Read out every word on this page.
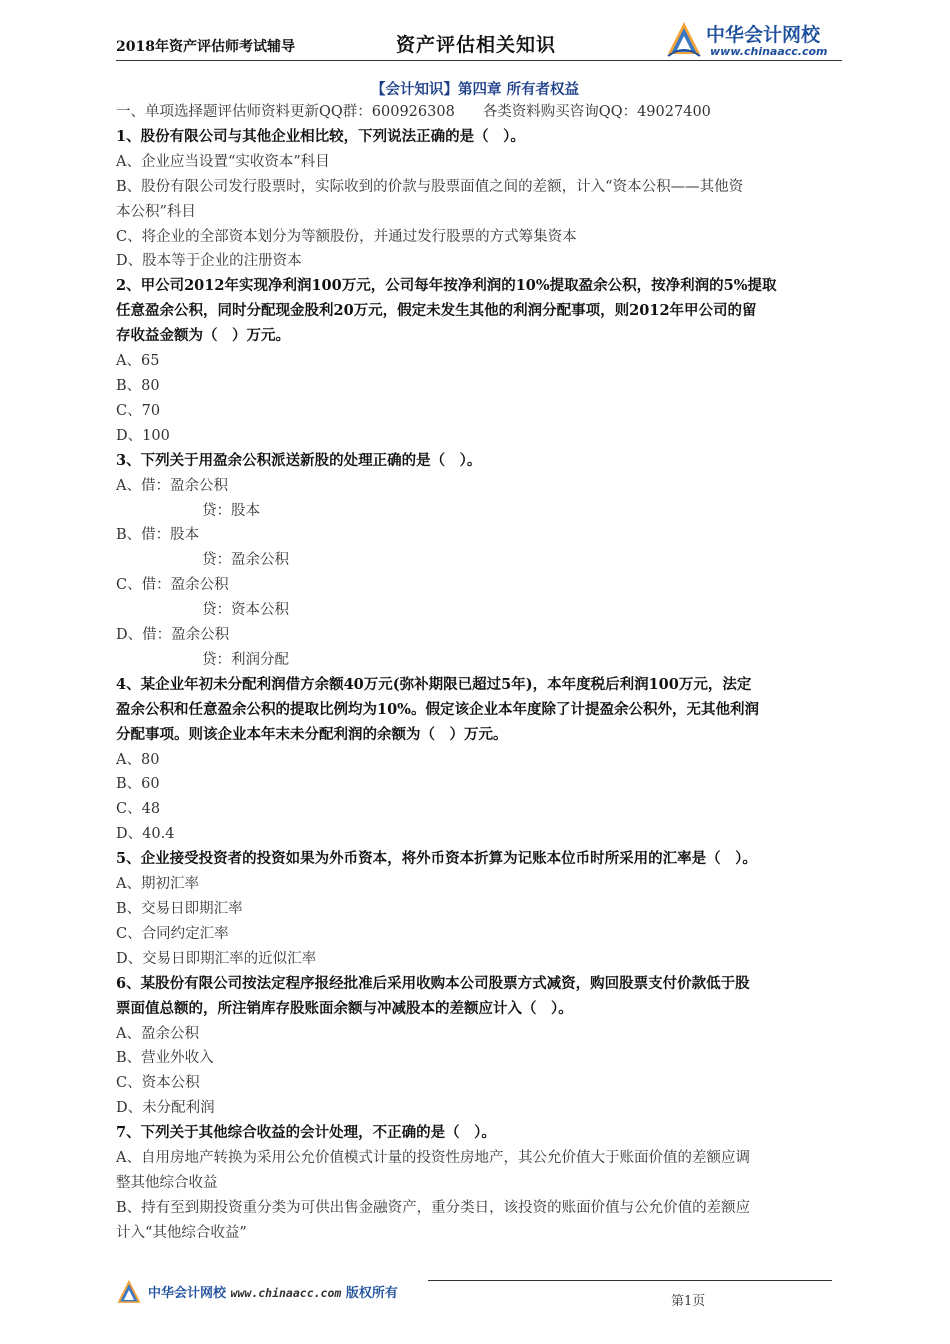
2018年资产评估师考试辅导	资产评估相关知识	中华会计网校
www.chinaacc.com
【会计知识】第四章 所有者权益
一、单项选择题评估师资料更新QQ群：600926308 各类资料购买咨询QQ：49027400
1、股份有限公司与其他企业相比较，下列说法正确的是（　）。
A、企业应当设置“实收资本”科目
B、股份有限公司发行股票时，实际收到的价款与股票面值之间的差额，计入“资本公积——其他资
本公积”科目
C、将企业的全部资本划分为等额股份，并通过发行股票的方式筹集资本
D、股本等于企业的注册资本
2、甲公司2012年实现净利润100万元，公司每年按净利润的10%提取盈余公积，按净利润的5%提取
任意盈余公积，同时分配现金股利20万元，假定未发生其他的利润分配事项，则2012年甲公司的留
存收益金额为（　）万元。
A、65
B、80
C、70
D、100
3、下列关于用盈余公积派送新股的处理正确的是（　）。
A、借：盈余公积
贷：股本
B、借：股本
贷：盈余公积
C、借：盈余公积
贷：资本公积
D、借：盈余公积
贷：利润分配
4、某企业年初未分配利润借方余额40万元(弥补期限已超过5年)，本年度税后利润100万元，法定
盈余公积和任意盈余公积的提取比例均为10%。假定该企业本年度除了计提盈余公积外，无其他利润
分配事项。则该企业本年末未分配利润的余额为（　）万元。
A、80
B、60
C、48
D、40.4
5、企业接受投资者的投资如果为外币资本，将外币资本折算为记账本位币时所采用的汇率是（　）。
A、期初汇率
B、交易日即期汇率
C、合同约定汇率
D、交易日即期汇率的近似汇率
6、某股份有限公司按法定程序报经批准后采用收购本公司股票方式减资，购回股票支付价款低于股
票面值总额的，所注销库存股账面余额与冲减股本的差额应计入（　）。
A、盈余公积
B、营业外收入
C、资本公积
D、未分配利润
7、下列关于其他综合收益的会计处理，不正确的是（　）。
A、自用房地产转换为采用公允价值模式计量的投资性房地产，其公允价值大于账面价值的差额应调
整其他综合收益
B、持有至到期投资重分类为可供出售金融资产，重分类日，该投资的账面价值与公允价值的差额应
计入“其他综合收益”
中华会计网校 www.chinaacc.com 版权所有
第1页
